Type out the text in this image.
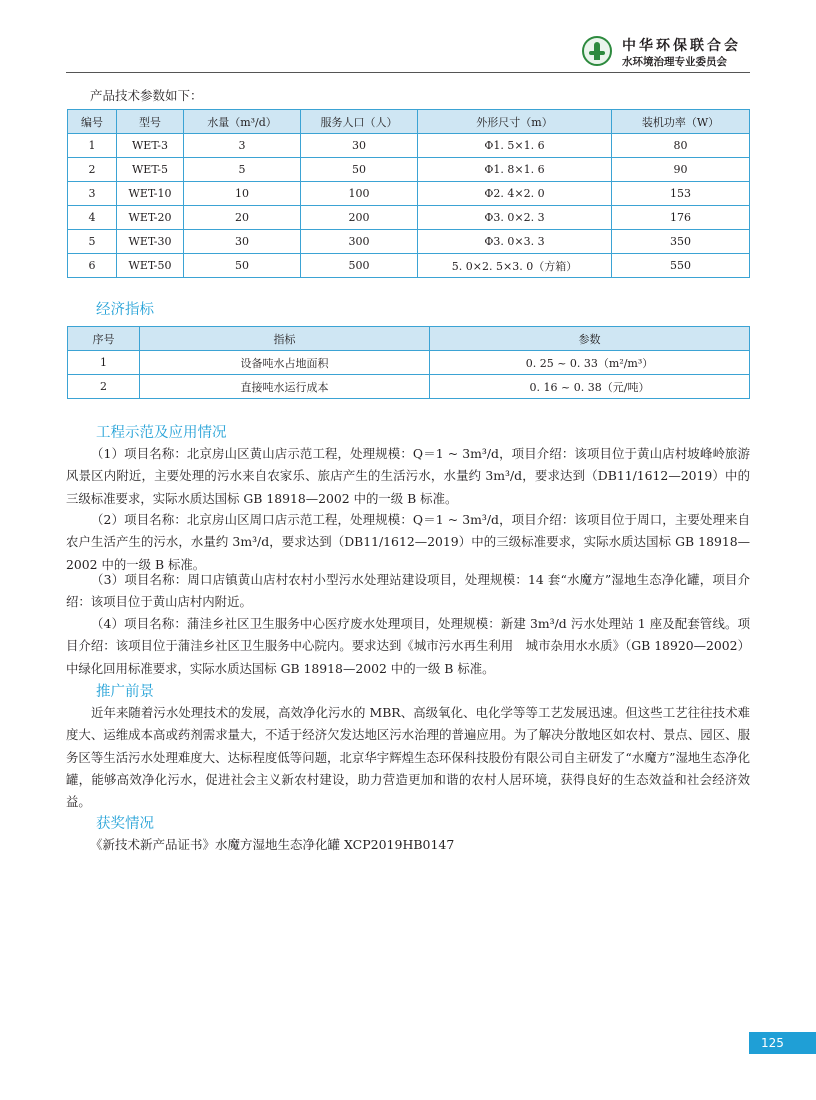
中华环保联合会
水环境治理专业委员会
产品技术参数如下：
编号	型号	水量（m³/d）	服务人口（人）	外形尺寸（m）	装机功率（W）
1	WET-3	3	30	Φ1. 5×1. 6	80
2	WET-5	5	50	Φ1. 8×1. 6	90
3	WET-10	10	100	Φ2. 4×2. 0	153
4	WET-20	20	200	Φ3. 0×2. 3	176
5	WET-30	30	300	Φ3. 0×3. 3	350
6	WET-50	50	500	5. 0×2. 5×3. 0（方箱）	550
经济指标
序号	指标	参数
1	设备吨水占地面积	0. 25 ~ 0. 33（m²/m³）
2	直接吨水运行成本	0. 16 ~ 0. 38（元/吨）
工程示范及应用情况

（1）项目名称：北京房山区黄山店示范工程，处理规模：Q＝1 ~ 3m³/d，项目介绍：该项目位于黄山店村坡峰岭旅游风景区内附近，主要处理的污水来自农家乐、旅店产生的生活污水，水量约 3m³/d，要求达到（DB11/1612—2019）中的三级标准要求，实际水质达国标 GB 18918—2002 中的一级 B 标准。

（2）项目名称：北京房山区周口店示范工程，处理规模：Q＝1 ~ 3m³/d，项目介绍：该项目位于周口，主要处理来自农户生活产生的污水，水量约 3m³/d，要求达到（DB11/1612—2019）中的三级标准要求，实际水质达国标 GB 18918—2002 中的一级 B 标准。

（3）项目名称：周口店镇黄山店村农村小型污水处理站建设项目，处理规模：14 套“水魔方”湿地生态净化罐，项目介绍：该项目位于黄山店村内附近。

（4）项目名称：蒲洼乡社区卫生服务中心医疗废水处理项目，处理规模：新建 3m³/d 污水处理站 1 座及配套管线。项目介绍：该项目位于蒲洼乡社区卫生服务中心院内。要求达到《城市污水再生利用　城市杂用水水质》（GB 18920—2002）中绿化回用标准要求，实际水质达国标 GB 18918—2002 中的一级 B 标准。

推广前景

近年来随着污水处理技术的发展，高效净化污水的 MBR、高级氧化、电化学等等工艺发展迅速。但这些工艺往往技术难度大、运维成本高或药剂需求量大，不适于经济欠发达地区污水治理的普遍应用。为了解决分散地区如农村、景点、园区、服务区等生活污水处理难度大、达标程度低等问题，北京华宇辉煌生态环保科技股份有限公司自主研发了“水魔方”湿地生态净化罐，能够高效净化污水，促进社会主义新农村建设，助力营造更加和谐的农村人居环境，获得良好的生态效益和社会经济效益。

获奖情况
《新技术新产品证书》水魔方湿地生态净化罐 XCP2019HB0147
125
